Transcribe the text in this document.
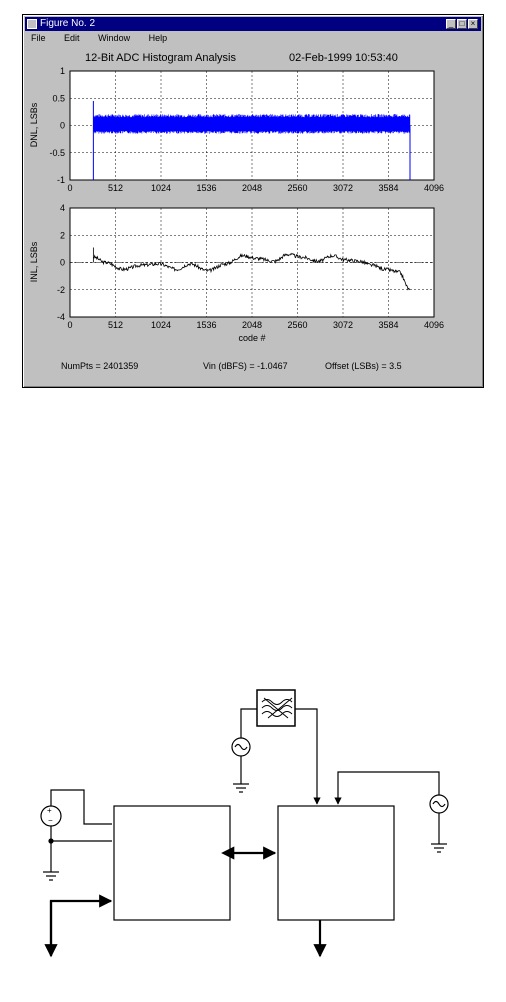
Figure No. 2	_ □ ×
File Edit Window Help
12-Bit ADC Histogram Analysis	02-Feb-1999 10:53:40
0	512	1024	1536	2048	2560	3072	3584	4096
1
0.5
0
-0.5
-1
DNL, LSBs
0	512	1024	1536	2048	2560	3072	3584	4096
4
2
0
-2
-4
INL, LSBs
code #
NumPts = 2401359	Vin (dBFS) = -1.0467	Offset (LSBs) = 3.5
+
−
